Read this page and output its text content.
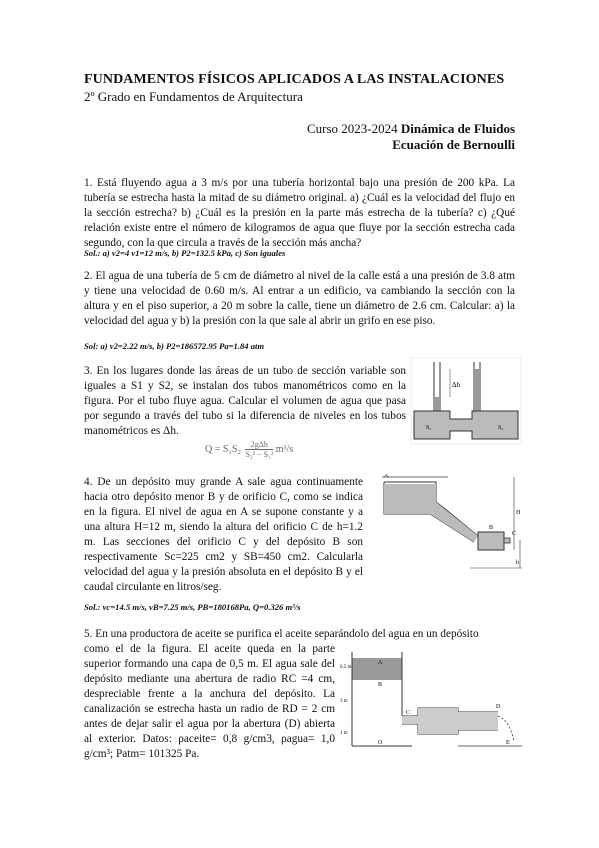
FUNDAMENTOS FÍSICOS APLICADOS A LAS INSTALACIONES
2º Grado en Fundamentos de Arquitectura
Curso 2023-2024 Dinámica de Fluidos
Ecuación de Bernoulli
1. Está fluyendo agua a 3 m/s por una tubería horizontal bajo una presión de 200 kPa. La tubería se estrecha hasta la mitad de su diámetro original. a) ¿Cuál es la velocidad del flujo en la sección estrecha? b) ¿Cuál es la presión en la parte más estrecha de la tubería? c) ¿Qué relación existe entre el número de kilogramos de agua que fluye por la sección estrecha cada segundo, con la que circula a través de la sección más ancha?
Sol.: a) v2=4 v1=12 m/s, b) P2=132.5 kPa, c) Son iguales
2. El agua de una tubería de 5 cm de diámetro al nivel de la calle está a una presión de 3.8 atm y tiene una velocidad de 0.60 m/s. Al entrar a un edificio, va cambiando la sección con la altura y en el piso superior, a 20 m sobre la calle, tiene un diámetro de 2.6 cm. Calcular: a) la velocidad del agua y b) la presión con la que sale al abrir un grifo en ese piso.
Sol: a) v2=2.22 m/s, b) P2=186572.95 Pa=1.84 atm
3. En los lugares donde las áreas de un tubo de sección variable son iguales a S1 y S2, se instalan dos tubos manométricos como en la figura. Por el tubo fluye agua. Calcular el volumen de agua que pasa por segundo a través del tubo si la diferencia de niveles en los tubos manométricos es Δh.
Δh
S₁	S₂
Q = S₁S₂	2gΔh
S₂² − S₁² m³/s
4. De un depósito muy grande A sale agua continuamente hacia otro depósito menor B y de orificio C, como se indica en la figura. El nivel de agua en A se supone constante y a una altura H=12 m, siendo la altura del orificio C de h=1.2 m. Las secciones del orificio C y del depósito B son respectivamente Sc=225 cm2 y SB=450 cm2. Calcularla velocidad del agua y la presión absoluta en el depósito B y el caudal circulante en litros/seg.
A
H
B
C
h
Sol.: vc=14.5 m/s, vB=7.25 m/s, PB=180168Pa, Q=0.326 m³/s
5. En una productora de aceite se purifica el aceite separándolo del agua en un depósito
como el de la figura. El aceite queda en la parte superior formando una capa de 0,5 m. El agua sale del depósito mediante una abertura de radio RC =4 cm, despreciable frente a la anchura del depósito. La canalización se estrecha hasta un radio de RD = 2 cm antes de dejar salir el agua por la abertura (D) abierta al exterior. Datos: ρaceite= 0,8 g/cm3, ρagua= 1,0 g/cm³; Patm= 101325 Pa.
0.5 m
3 m
1 m
A
B
C
D
O	E
